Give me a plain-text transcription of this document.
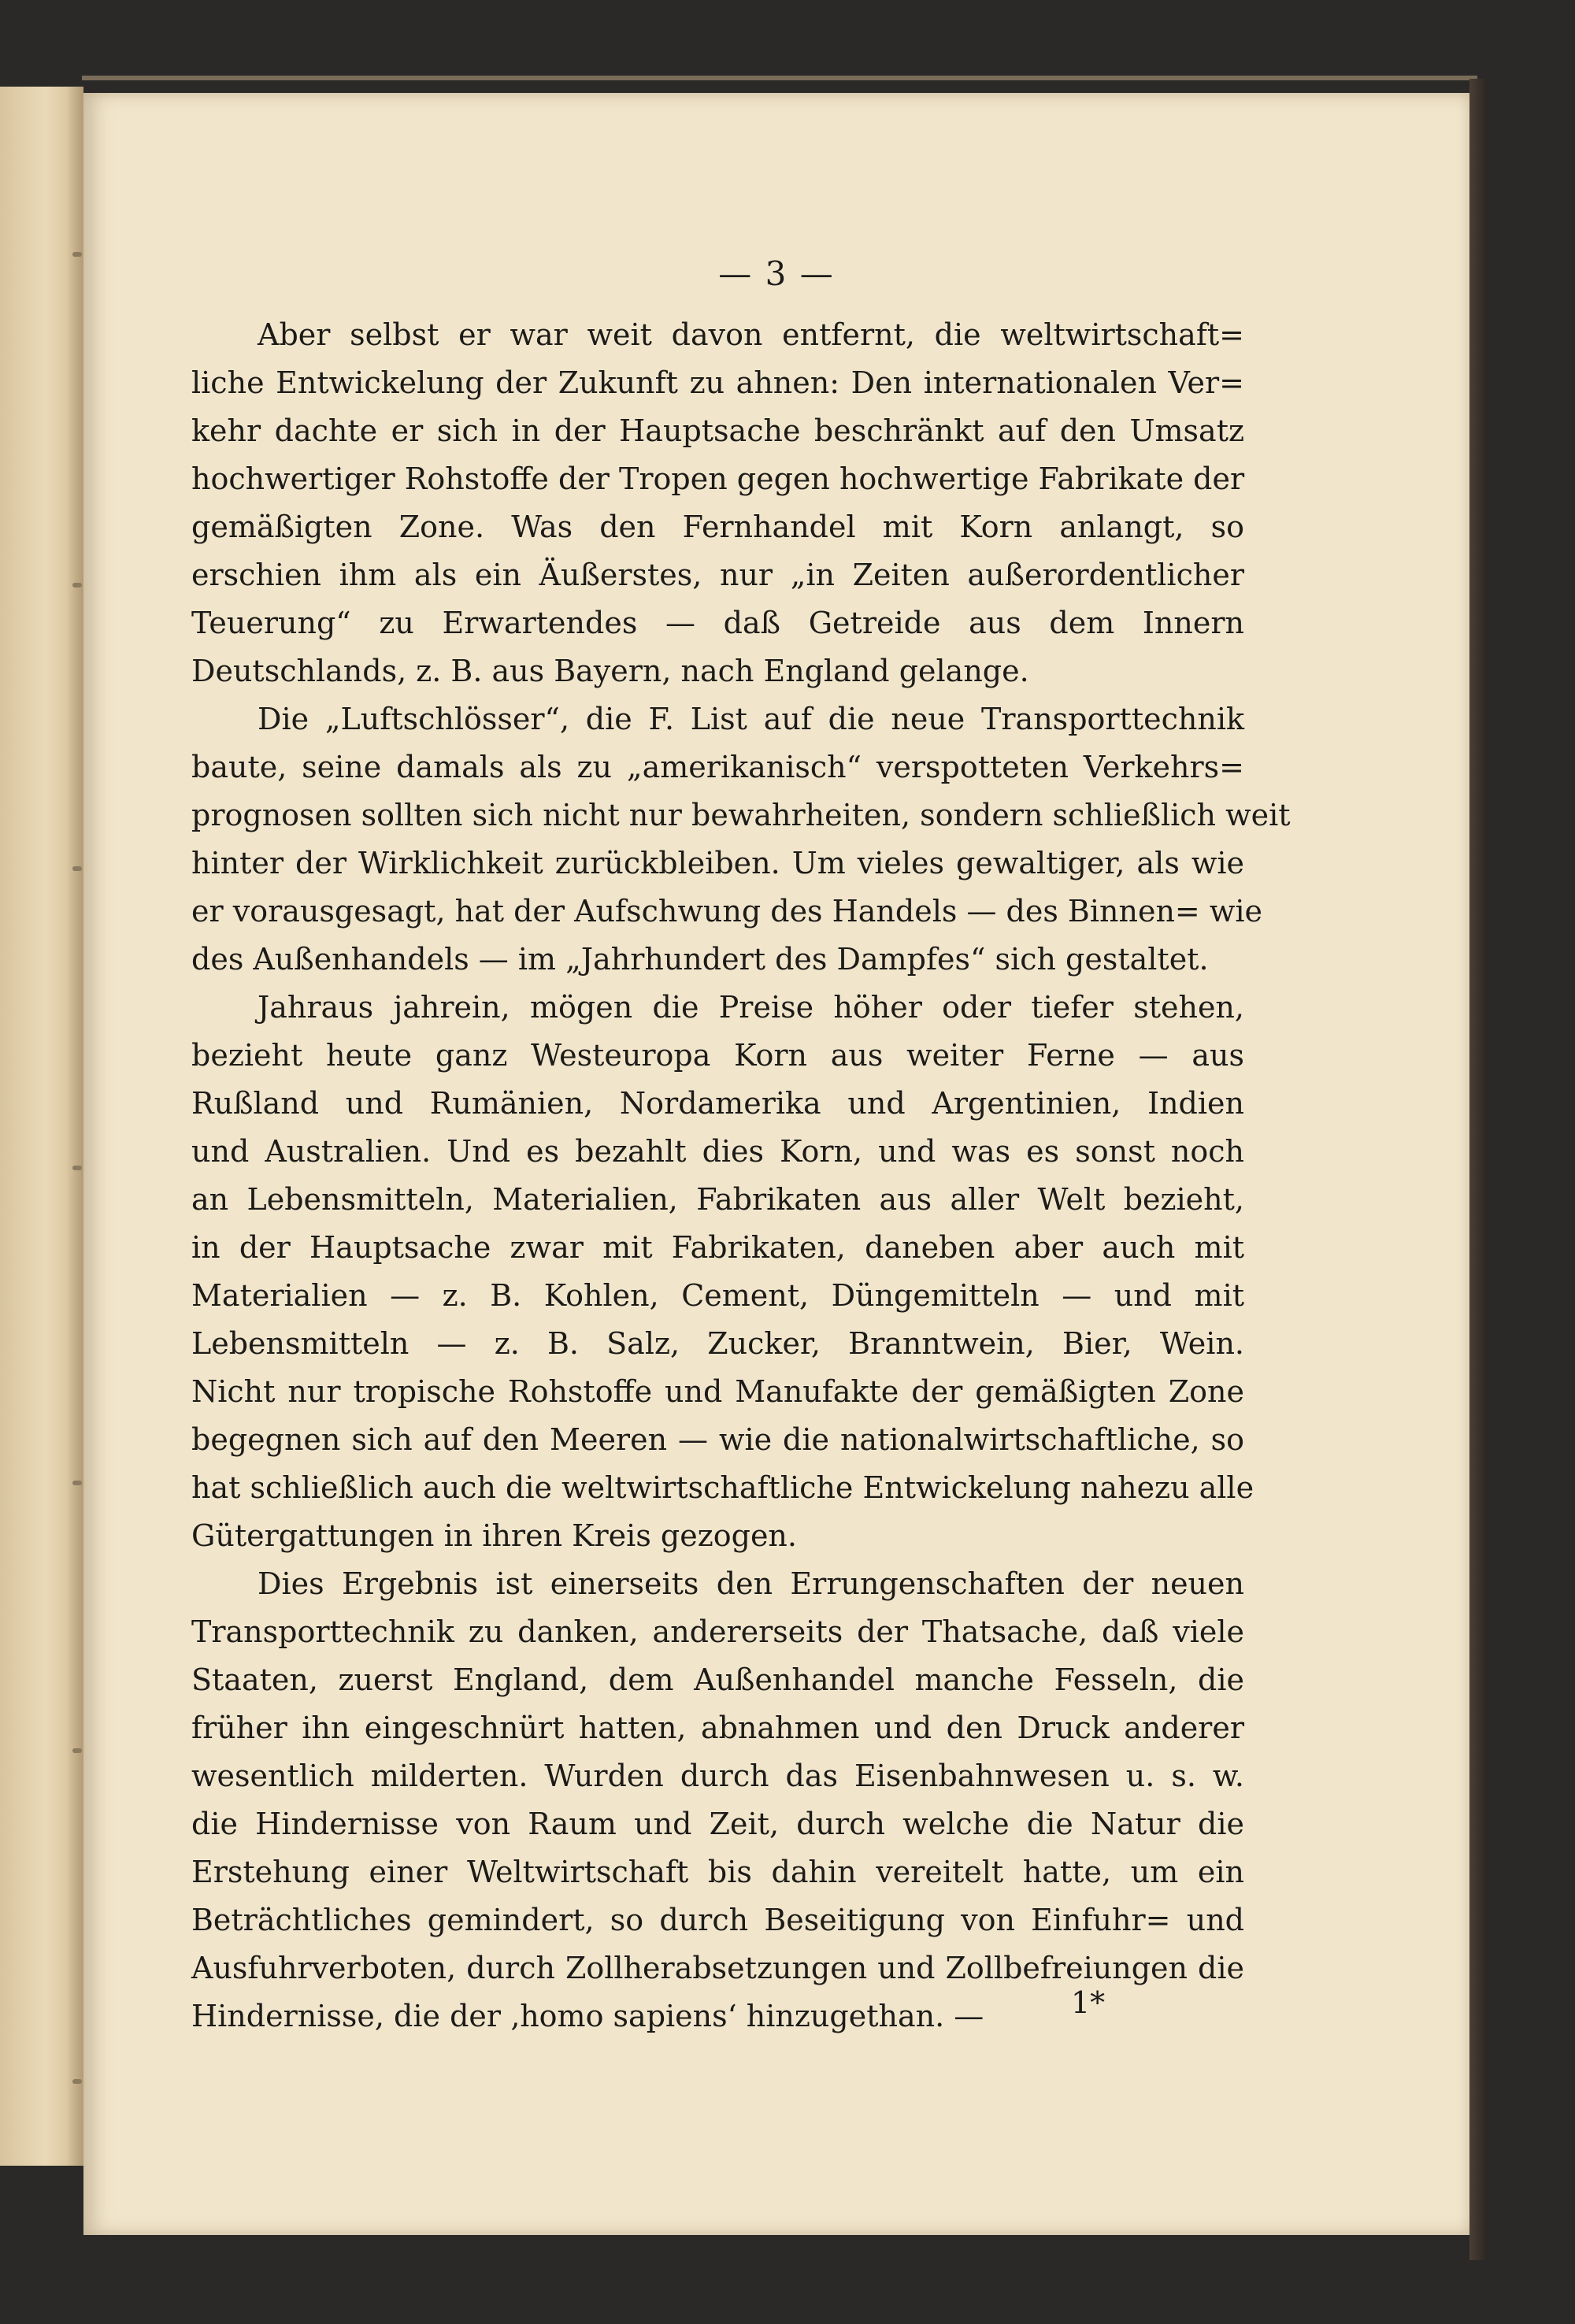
— 3 —
Aber selbst er war weit davon entfernt, die weltwirtschaft=
liche Entwickelung der Zukunft zu ahnen: Den internationalen Ver=
kehr dachte er sich in der Hauptsache beschränkt auf den Umsatz
hochwertiger Rohstoffe der Tropen gegen hochwertige Fabrikate der
gemäßigten Zone. Was den Fernhandel mit Korn anlangt, so
erschien ihm als ein Äußerstes, nur „in Zeiten außerordentlicher
Teuerung“ zu Erwartendes — daß Getreide aus dem Innern
Deutschlands, z. B. aus Bayern, nach England gelange.
Die „Luftschlösser“, die F. List auf die neue Transporttechnik
baute, seine damals als zu „amerikanisch“ verspotteten Verkehrs=
prognosen sollten sich nicht nur bewahrheiten, sondern schließlich weit
hinter der Wirklichkeit zurückbleiben. Um vieles gewaltiger, als wie
er vorausgesagt, hat der Aufschwung des Handels — des Binnen= wie
des Außenhandels — im „Jahrhundert des Dampfes“ sich gestaltet.
Jahraus jahrein, mögen die Preise höher oder tiefer stehen,
bezieht heute ganz Westeuropa Korn aus weiter Ferne — aus
Rußland und Rumänien, Nordamerika und Argentinien, Indien
und Australien. Und es bezahlt dies Korn, und was es sonst noch
an Lebensmitteln, Materialien, Fabrikaten aus aller Welt bezieht,
in der Hauptsache zwar mit Fabrikaten, daneben aber auch mit
Materialien — z. B. Kohlen, Cement, Düngemitteln — und mit
Lebensmitteln — z. B. Salz, Zucker, Branntwein, Bier, Wein.
Nicht nur tropische Rohstoffe und Manufakte der gemäßigten Zone
begegnen sich auf den Meeren — wie die nationalwirtschaftliche, so
hat schließlich auch die weltwirtschaftliche Entwickelung nahezu alle
Gütergattungen in ihren Kreis gezogen.
Dies Ergebnis ist einerseits den Errungenschaften der neuen
Transporttechnik zu danken, andererseits der Thatsache, daß viele
Staaten, zuerst England, dem Außenhandel manche Fesseln, die
früher ihn eingeschnürt hatten, abnahmen und den Druck anderer
wesentlich milderten. Wurden durch das Eisenbahnwesen u. s. w.
die Hindernisse von Raum und Zeit, durch welche die Natur die
Erstehung einer Weltwirtschaft bis dahin vereitelt hatte, um ein
Beträchtliches gemindert, so durch Beseitigung von Einfuhr= und
Ausfuhrverboten, durch Zollherabsetzungen und Zollbefreiungen die
Hindernisse, die der ‚homo sapiens‘ hinzugethan. —	1*
